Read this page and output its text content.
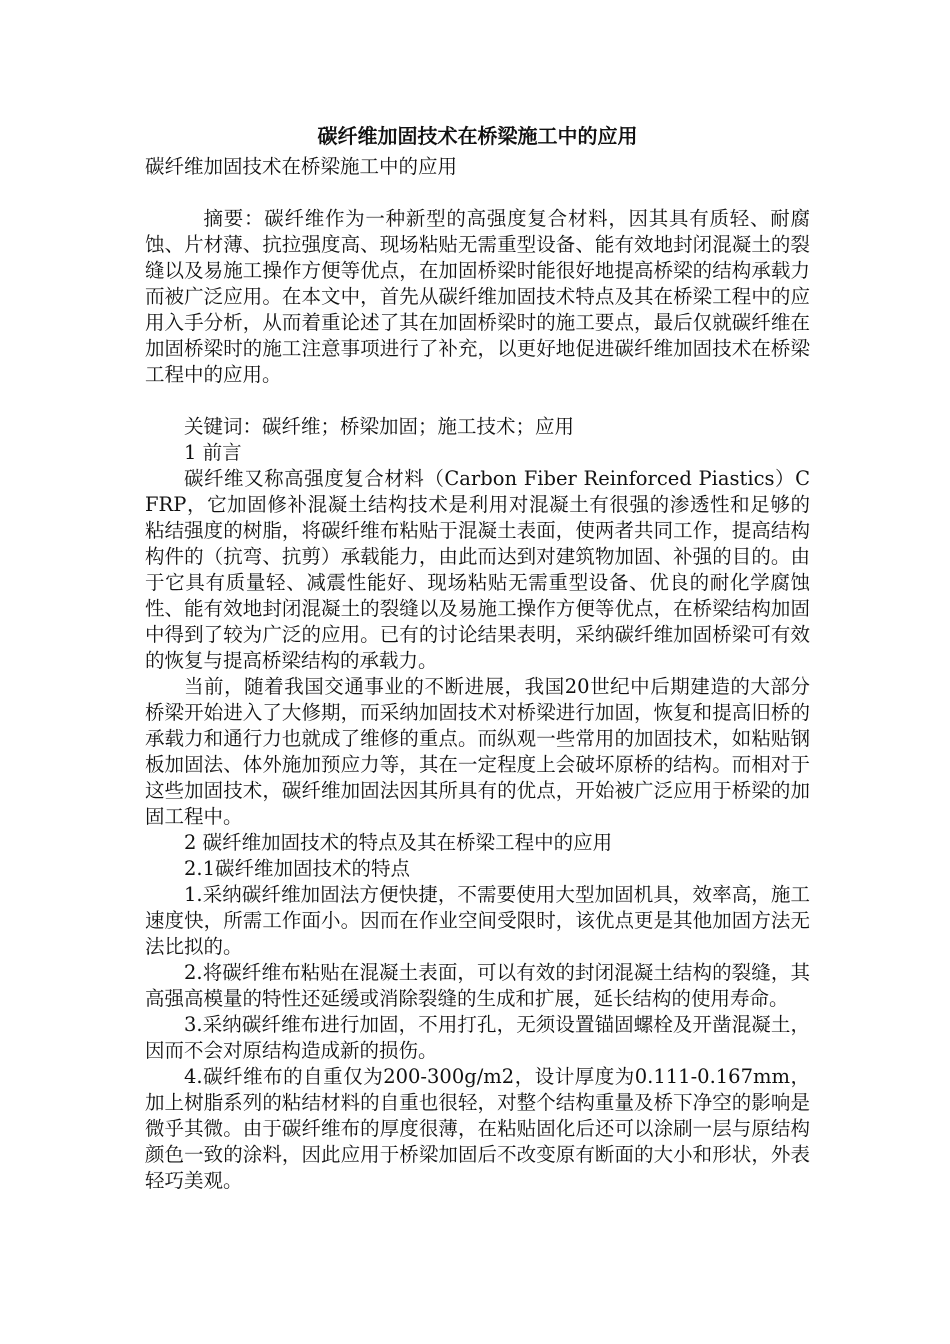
碳纤维加固技术在桥梁施工中的应用

碳纤维加固技术在桥梁施工中的应用

摘要：碳纤维作为一种新型的高强度复合材料，因其具有质轻、耐腐蚀、片材薄、抗拉强度高、现场粘贴无需重型设备、能有效地封闭混凝土的裂缝以及易施工操作方便等优点，在加固桥梁时能很好地提高桥梁的结构承载力而被广泛应用。在本文中，首先从碳纤维加固技术特点及其在桥梁工程中的应用入手分析，从而着重论述了其在加固桥梁时的施工要点，最后仅就碳纤维在加固桥梁时的施工注意事项进行了补充，以更好地促进碳纤维加固技术在桥梁工程中的应用。

关键词：碳纤维；桥梁加固；施工技术；应用

1 前言

碳纤维又称高强度复合材料（Carbon Fiber Reinforced Piastics）CFRP，它加固修补混凝土结构技术是利用对混凝土有很强的渗透性和足够的粘结强度的树脂，将碳纤维布粘贴于混凝土表面，使两者共同工作，提高结构构件的（抗弯、抗剪）承载能力，由此而达到对建筑物加固、补强的目的。由于它具有质量轻、减震性能好、现场粘贴无需重型设备、优良的耐化学腐蚀性、能有效地封闭混凝土的裂缝以及易施工操作方便等优点，在桥梁结构加固中得到了较为广泛的应用。已有的讨论结果表明，采纳碳纤维加固桥梁可有效的恢复与提高桥梁结构的承载力。

当前，随着我国交通事业的不断进展，我国20世纪中后期建造的大部分桥梁开始进入了大修期，而采纳加固技术对桥梁进行加固，恢复和提高旧桥的承载力和通行力也就成了维修的重点。而纵观一些常用的加固技术，如粘贴钢板加固法、体外施加预应力等，其在一定程度上会破坏原桥的结构。而相对于这些加固技术，碳纤维加固法因其所具有的优点，开始被广泛应用于桥梁的加固工程中。

2 碳纤维加固技术的特点及其在桥梁工程中的应用

2.1碳纤维加固技术的特点

1.采纳碳纤维加固法方便快捷，不需要使用大型加固机具，效率高，施工速度快，所需工作面小。因而在作业空间受限时，该优点更是其他加固方法无法比拟的。

2.将碳纤维布粘贴在混凝土表面，可以有效的封闭混凝土结构的裂缝，其高强高模量的特性还延缓或消除裂缝的生成和扩展，延长结构的使用寿命。

3.采纳碳纤维布进行加固，不用打孔，无须设置锚固螺栓及开凿混凝土，因而不会对原结构造成新的损伤。

4.碳纤维布的自重仅为200-300g/m2，设计厚度为0.111-0.167mm，加上树脂系列的粘结材料的自重也很轻，对整个结构重量及桥下净空的影响是微乎其微。由于碳纤维布的厚度很薄，在粘贴固化后还可以涂刷一层与原结构颜色一致的涂料，因此应用于桥梁加固后不改变原有断面的大小和形状，外表轻巧美观。
